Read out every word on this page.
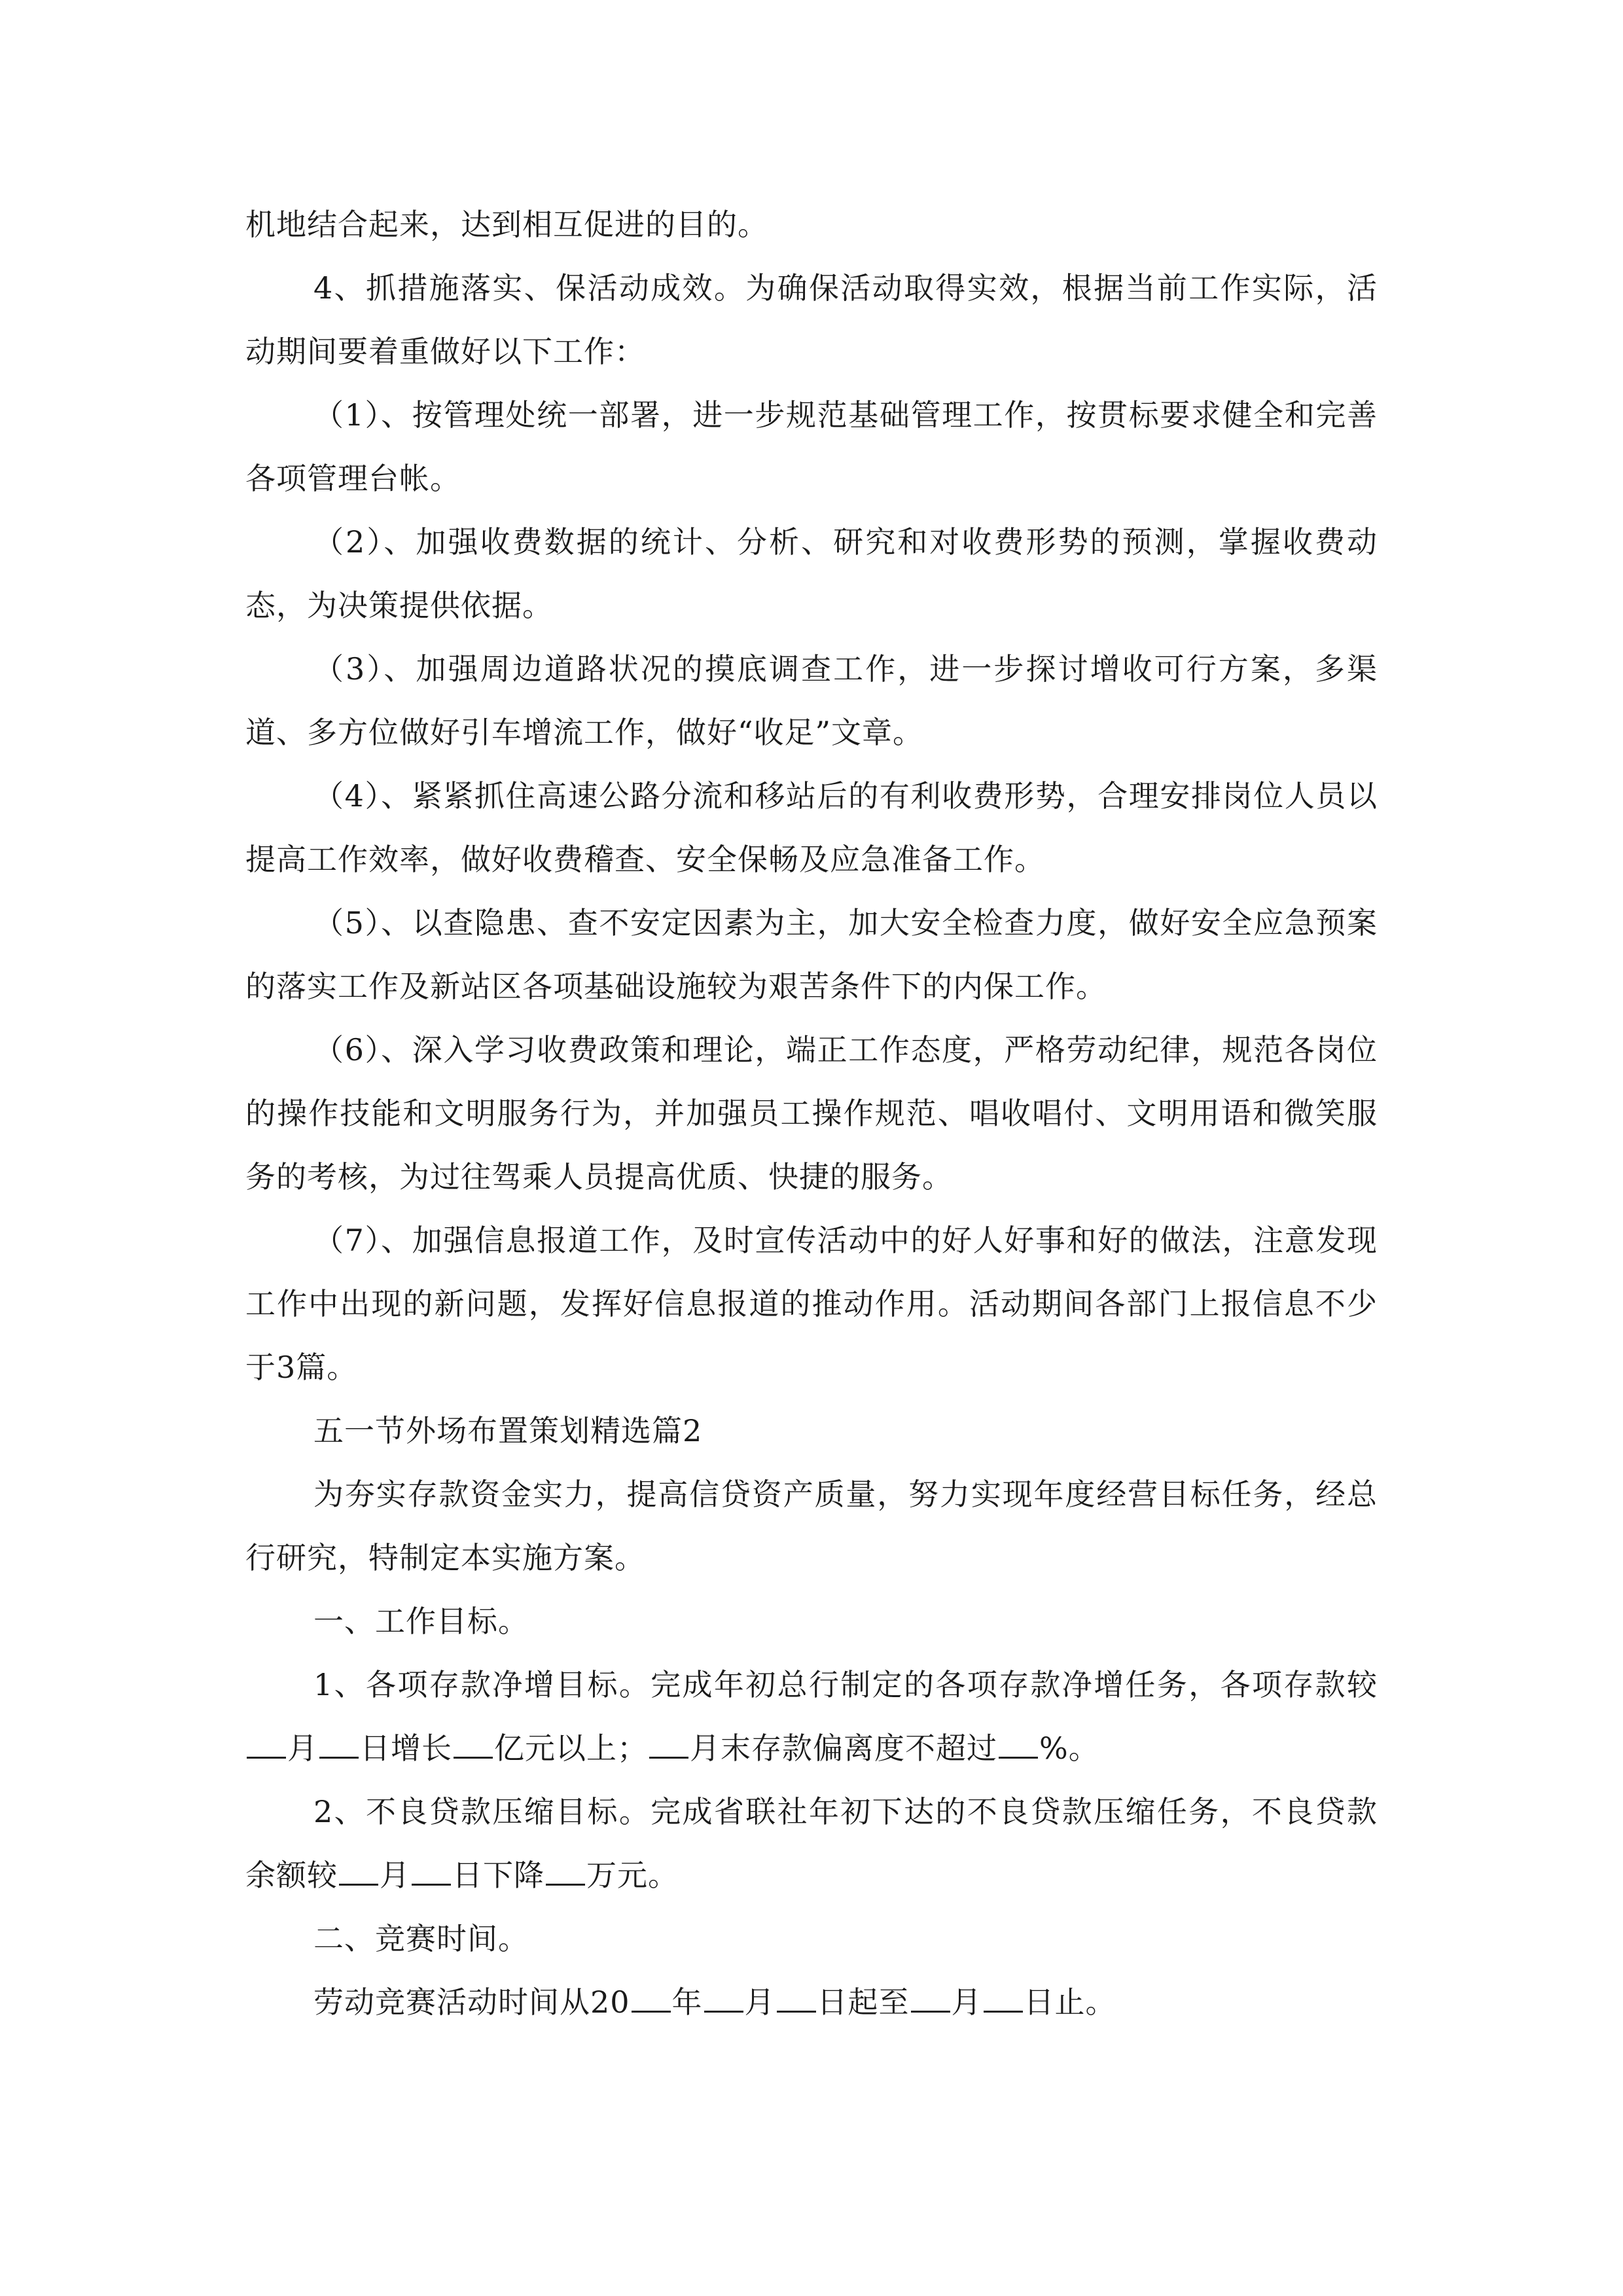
机地结合起来，达到相互促进的目的。

4、抓措施落实、保活动成效。为确保活动取得实效，根据当前工作实际，活动期间要着重做好以下工作：

（1）、按管理处统一部署，进一步规范基础管理工作，按贯标要求健全和完善各项管理台帐。

（2）、加强收费数据的统计、分析、研究和对收费形势的预测，掌握收费动态，为决策提供依据。

（3）、加强周边道路状况的摸底调查工作，进一步探讨增收可行方案，多渠道、多方位做好引车增流工作，做好“收足”文章。

（4）、紧紧抓住高速公路分流和移站后的有利收费形势，合理安排岗位人员以提高工作效率，做好收费稽查、安全保畅及应急准备工作。

（5）、以查隐患、查不安定因素为主，加大安全检查力度，做好安全应急预案的落实工作及新站区各项基础设施较为艰苦条件下的内保工作。

（6）、深入学习收费政策和理论，端正工作态度，严格劳动纪律，规范各岗位的操作技能和文明服务行为，并加强员工操作规范、唱收唱付、文明用语和微笑服务的考核，为过往驾乘人员提高优质、快捷的服务。

（7）、加强信息报道工作，及时宣传活动中的好人好事和好的做法，注意发现工作中出现的新问题，发挥好信息报道的推动作用。活动期间各部门上报信息不少于3篇。

五一节外场布置策划精选篇2

为夯实存款资金实力，提高信贷资产质量，努力实现年度经营目标任务，经总行研究，特制定本实施方案。

一、工作目标。

1、各项存款净增目标。完成年初总行制定的各项存款净增任务，各项存款较月 日增长 亿元以上； 月末存款偏离度不超过 %。

2、不良贷款压缩目标。完成省联社年初下达的不良贷款压缩任务，不良贷款余额较 月 日下降 万元。

二、竞赛时间。

劳动竞赛活动时间从20 年 月 日起至 月 日止。
